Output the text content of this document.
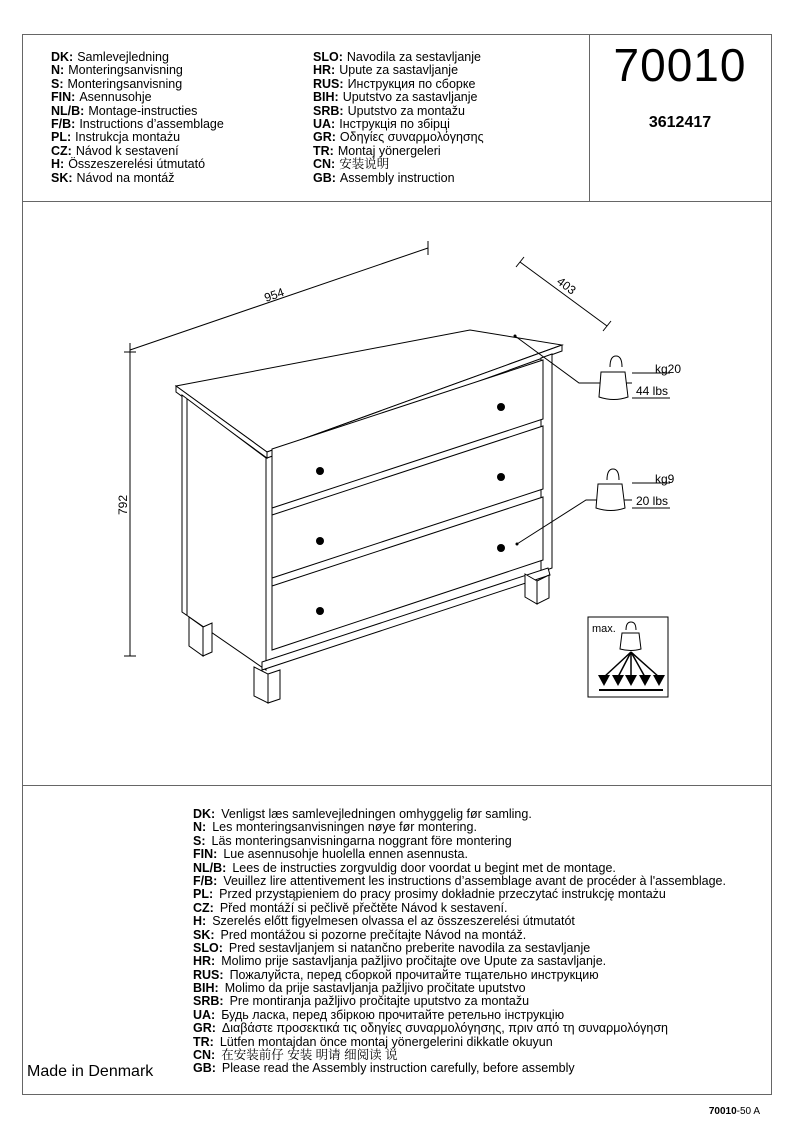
DK: Samlevejledning
N: Monteringsanvisning
S: Monteringsanvisning
FIN: Asennusohje
NL/B: Montage-instructies
F/B: Instructions d’assemblage
PL: Instrukcja montażu
CZ: Návod k sestavení
H: Összeszerelési útmutató
SK: Návod na montáž
SLO: Navodila za sestavljanje
HR: Upute za sastavljanje
RUS: Инструкция по сборке
BIH: Uputstvo za sastavljanje
SRB: Uputstvo za montažu
UA: Інструкція по збірці
GR: Οδηγίες συναρμολόγησης
TR: Montaj yönergeleri
CN: 安装说明
GB: Assembly instruction
70010
3612417
954	403
792
kg20
44 lbs
kg9
20 lbs
max.
DK: Venligst læs samlevejledningen omhyggelig før samling.
N: Les monteringsanvisningen nøye før montering.
S: Läs monteringsanvisningarna noggrant före montering
FIN: Lue asennusohje huolella ennen asennusta.
NL/B: Lees de instructies zorgvuldig door voordat u begint met de montage.
F/B: Veuillez lire attentivement les instructions d’assemblage avant de procéder à l'assemblage.
PL: Przed przystąpieniem do pracy prosimy dokładnie przeczytać instrukcję montażu
CZ: Před montáží si pečlivě přečtěte Návod k sestavení.
H: Szerelés előtt figyelmesen olvassa el az összeszerelési útmutatót
SK: Pred montážou si pozorne prečítajte Návod na montáž.
SLO: Pred sestavljanjem si natančno preberite navodila za sestavljanje
HR: Molimo prije sastavljanja pažljivo pročitajte ove Upute za sastavljanje.
RUS: Пожалуйста, перед сборкой прочитайте тщательно инструкцию
BIH: Molimo da prije sastavljanja pažljivo pročitate uputstvo
SRB: Pre montiranja pažljivo pročitajte uputstvo za montažu
UA: Будь ласка, перед збіркою прочитайте ретельно інструкцію
GR: Διαβάστε προσεκτικά τις οδηγίες συναρμολόγησης, πριν από τη συναρμολόγηση
TR: Lütfen montajdan önce montaj yönergelerini dikkatle okuyun
CN: 在安装前仔 安装 明请 细阅读 说
GB: Please read the Assembly instruction carefully, before assembly
Made in Denmark
70010-50 A
